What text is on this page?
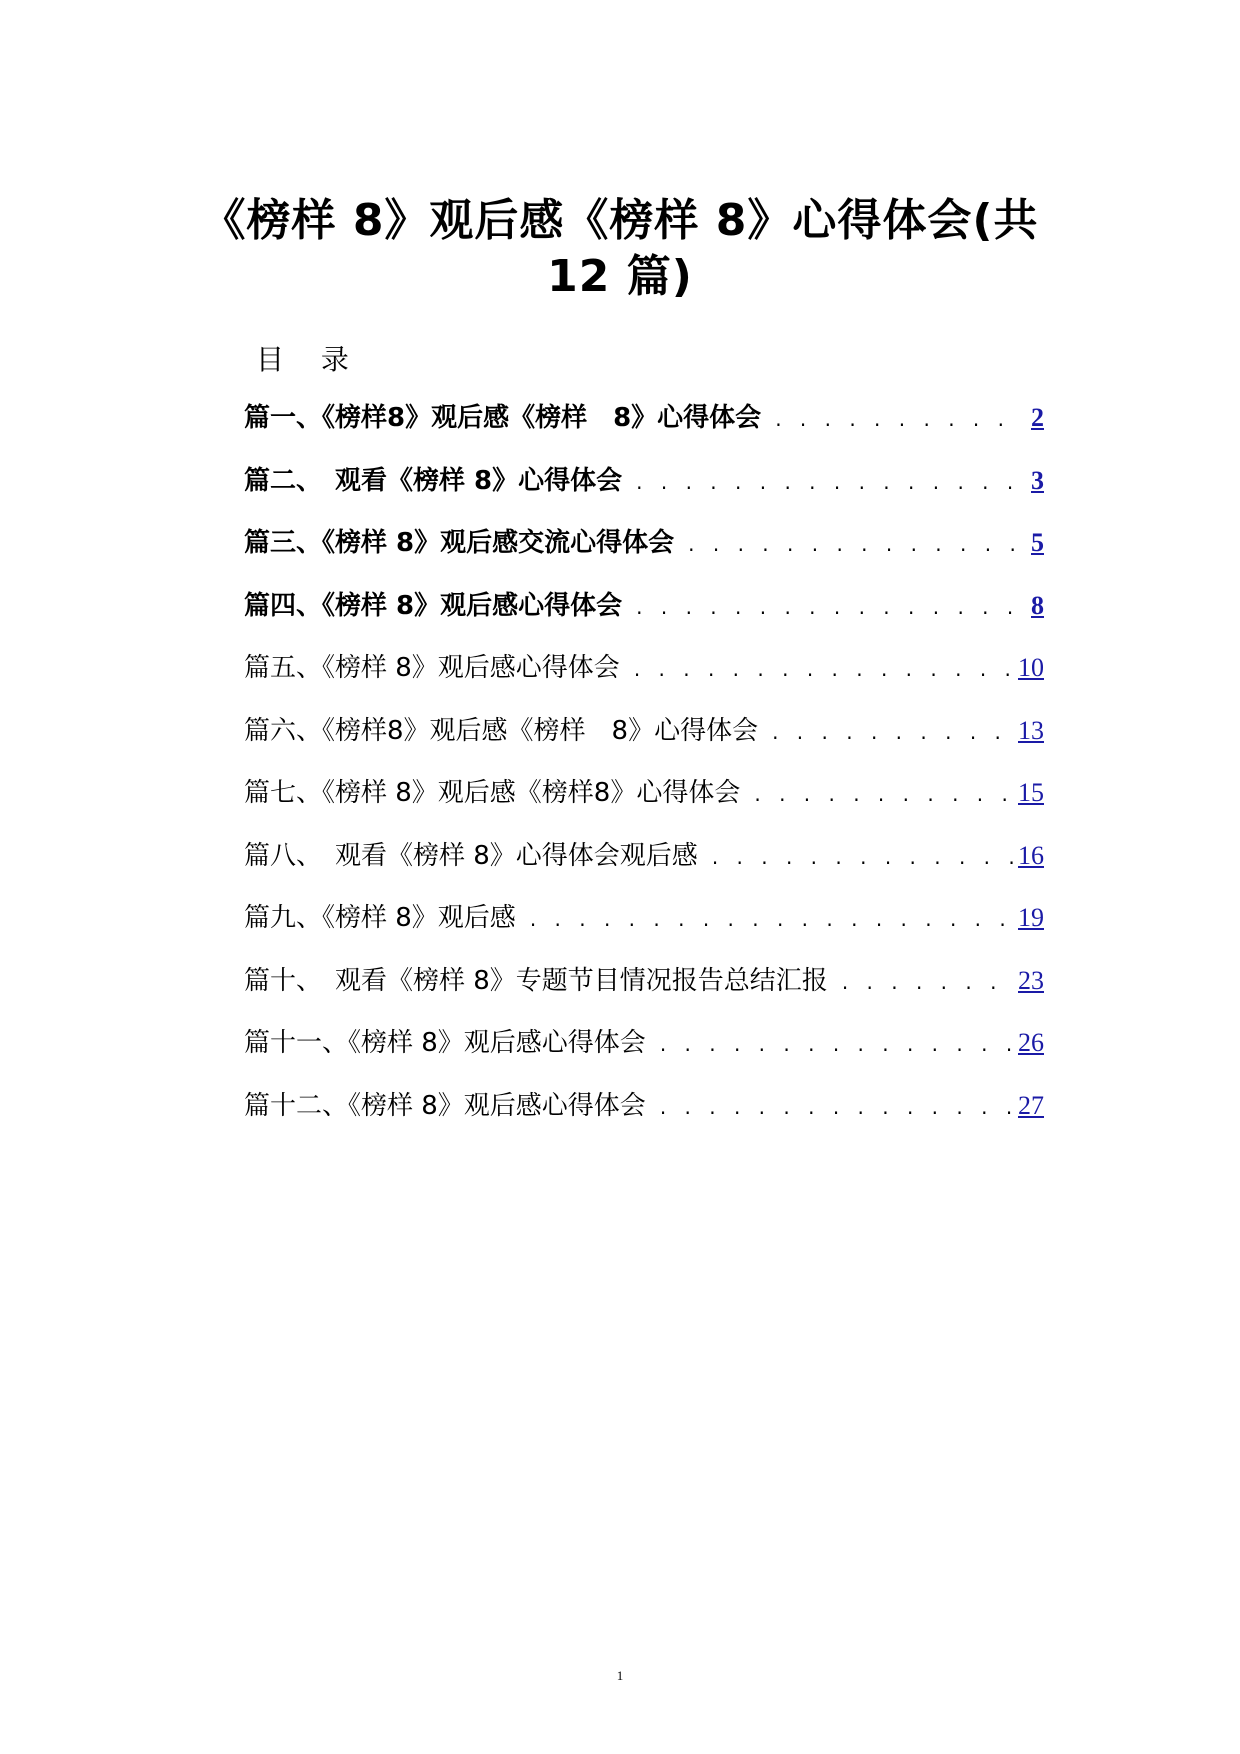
《榜样 8》观后感《榜样 8》心得体会(共
12 篇)
目 录
篇一、《榜样8》观后感《榜样　8》心得体会 . . .	2
篇二、　观看《榜样 8》心得体会 . . .	3
篇三、《榜样 8》观后感交流心得体会 . . .	5
篇四、《榜样 8》观后感心得体会 . . .	8
篇五、《榜样 8》观后感心得体会 . . .	10
篇六、《榜样8》观后感《榜样　8》心得体会 . . .	13
篇七、《榜样 8》观后感《榜样8》心得体会 . . .	15
篇八、　观看《榜样 8》心得体会观后感 . . .	16
篇九、《榜样 8》观后感 . . .	19
篇十、　观看《榜样 8》专题节目情况报告总结汇报 . . .	23
篇十一、《榜样 8》观后感心得体会 . . .	26
篇十二、《榜样 8》观后感心得体会 . . .	27
1
